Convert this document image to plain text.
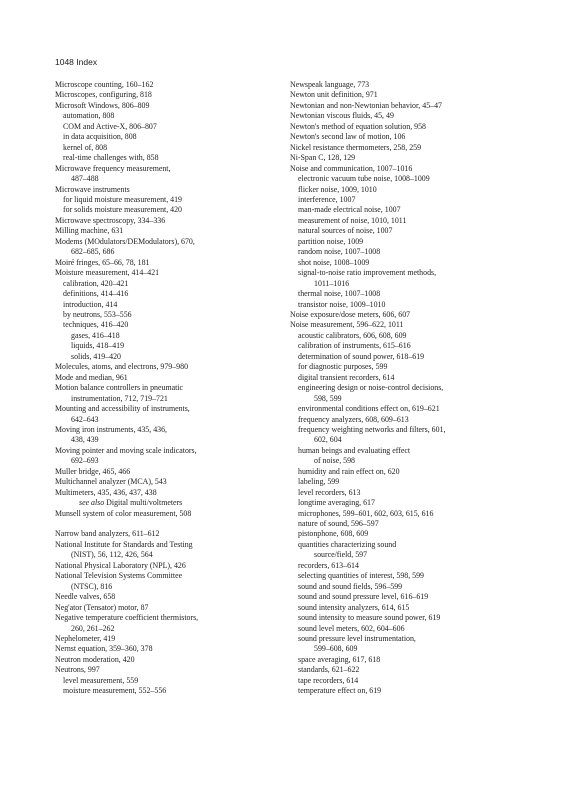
1048 Index
Microscope counting, 160–162
Microscopes, configuring, 818
Microsoft Windows, 806–809
automation, 808
COM and Active-X, 806–807
in data acquisition, 808
kernel of, 808
real-time challenges with, 858
Microwave frequency measurement,
487–488
Microwave instruments
for liquid moisture measurement, 419
for solids moisture measurement, 420
Microwave spectroscopy, 334–336
Milling machine, 631
Modems (MOdulators/DEModulators), 670,
682–685, 686
Moiré fringes, 65–66, 78, 181
Moisture measurement, 414–421
calibration, 420–421
definitions, 414–416
introduction, 414
by neutrons, 553–556
techniques, 416–420
gases, 416–418
liquids, 418–419
solids, 419–420
Molecules, atoms, and electrons, 979–980
Mode and median, 961
Motion balance controllers in pneumatic
instrumentation, 712, 719–721
Mounting and accessibility of instruments,
642–643
Moving iron instruments, 435, 436,
438, 439
Moving pointer and moving scale indicators,
692–693
Muller bridge, 465, 466
Multichannel analyzer (MCA), 543
Multimeters, 435, 436, 437, 438
see also Digital multi/voltmeters
Munsell system of color measurement, 508
Narrow band analyzers, 611–612
National Institute for Standards and Testing
(NIST), 56, 112, 426, 564
National Physical Laboratory (NPL), 426
National Television Systems Committee
(NTSC), 816
Needle valves, 658
Neg'ator (Tensator) motor, 87
Negative temperature coefficient thermistors,
260, 261–262
Nephelometer, 419
Nernst equation, 359–360, 378
Neutron moderation, 420
Neutrons, 997
level measurement, 559
moisture measurement, 552–556
Newspeak language, 773
Newton unit definition, 971
Newtonian and non-Newtonian behavior, 45–47
Newtonian viscous fluids, 45, 49
Newton's method of equation solution, 958
Newton's second law of motion, 106
Nickel resistance thermometers, 258, 259
Ni-Span C, 128, 129
Noise and communication, 1007–1016
electronic vacuum tube noise, 1008–1009
flicker noise, 1009, 1010
interference, 1007
man-made electrical noise, 1007
measurement of noise, 1010, 1011
natural sources of noise, 1007
partition noise, 1009
random noise, 1007–1008
shot noise, 1008–1009
signal-to-noise ratio improvement methods,
1011–1016
thermal noise, 1007–1008
transistor noise, 1009–1010
Noise exposure/dose meters, 606, 607
Noise measurement, 596–622, 1011
acoustic calibrators, 606, 608, 609
calibration of instruments, 615–616
determination of sound power, 618–619
for diagnostic purposes, 599
digital transient recorders, 614
engineering design or noise-control decisions,
598, 599
environmental conditions effect on, 619–621
frequency analyzers, 608, 609–613
frequency weighting networks and filters, 601,
602, 604
human beings and evaluating effect
of noise, 598
humidity and rain effect on, 620
labeling, 599
level recorders, 613
longtime averaging, 617
microphones, 599–601, 602, 603, 615, 616
nature of sound, 596–597
pistonphone, 608, 609
quantities characterizing sound
source/field, 597
recorders, 613–614
selecting quantities of interest, 598, 599
sound and sound fields, 596–599
sound and sound pressure level, 616–619
sound intensity analyzers, 614, 615
sound intensity to measure sound power, 619
sound level meters, 602, 604–606
sound pressure level instrumentation,
599–608, 609
space averaging, 617, 618
standards, 621–622
tape recorders, 614
temperature effect on, 619
